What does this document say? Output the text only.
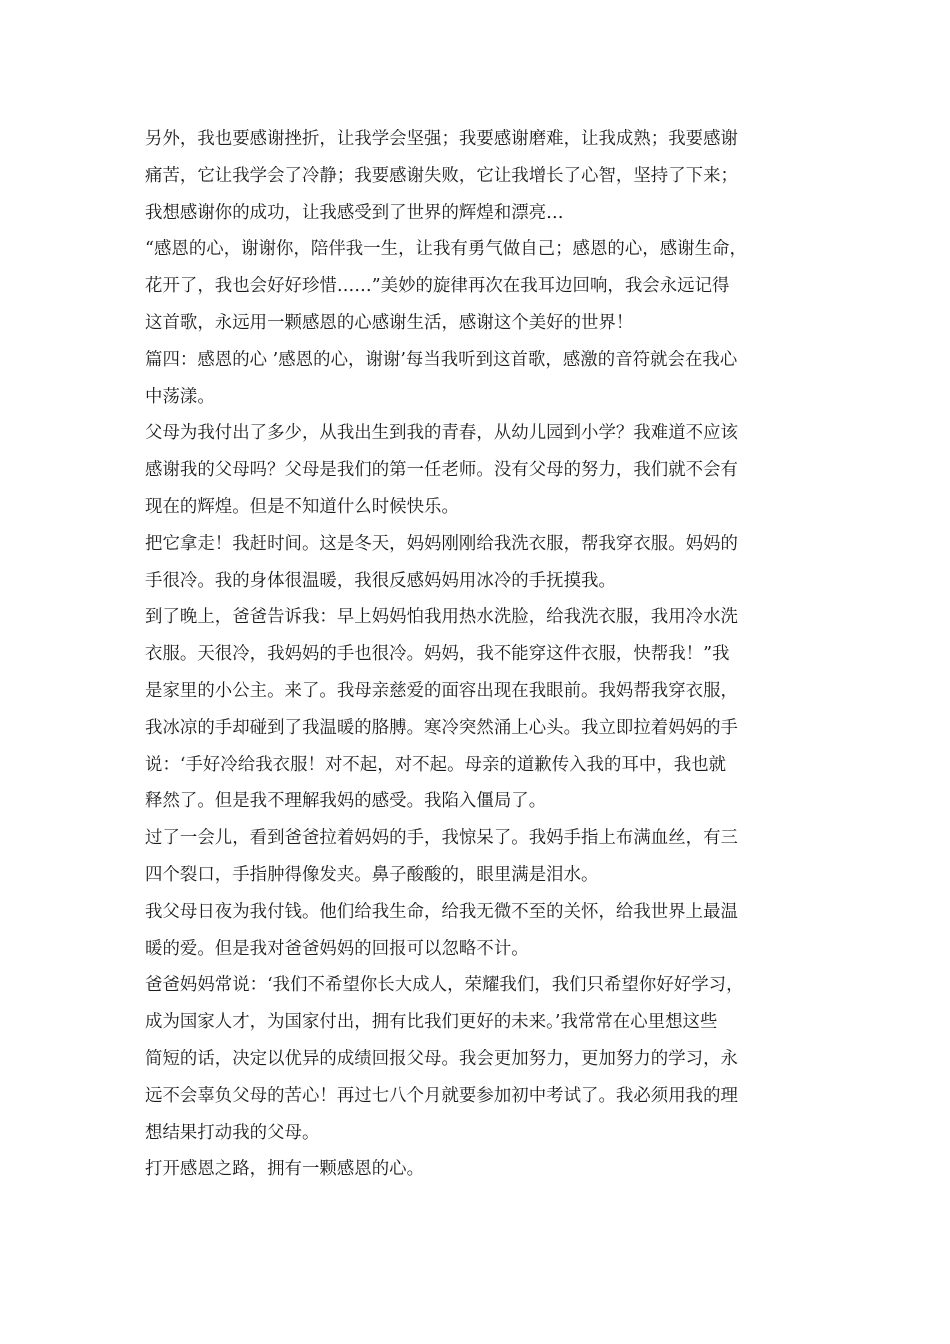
另外，我也要感谢挫折，让我学会坚强；我要感谢磨难，让我成熟；我要感谢
痛苦，它让我学会了冷静；我要感谢失败，它让我增长了心智，坚持了下来；
我想感谢你的成功，让我感受到了世界的辉煌和漂亮…
“感恩的心，谢谢你，陪伴我一生，让我有勇气做自己；感恩的心，感谢生命，
花开了，我也会好好珍惜……”美妙的旋律再次在我耳边回响，我会永远记得
这首歌，永远用一颗感恩的心感谢生活，感谢这个美好的世界！
篇四：感恩的心 ’感恩的心，谢谢’每当我听到这首歌，感激的音符就会在我心
中荡漾。
父母为我付出了多少，从我出生到我的青春，从幼儿园到小学？我难道不应该
感谢我的父母吗？父母是我们的第一任老师。没有父母的努力，我们就不会有
现在的辉煌。但是不知道什么时候快乐。
把它拿走！我赶时间。这是冬天，妈妈刚刚给我洗衣服，帮我穿衣服。妈妈的
手很冷。我的身体很温暖，我很反感妈妈用冰冷的手抚摸我。
到了晚上，爸爸告诉我：早上妈妈怕我用热水洗脸，给我洗衣服，我用冷水洗
衣服。天很冷，我妈妈的手也很冷。妈妈，我不能穿这件衣服，快帮我！”我
是家里的小公主。来了。我母亲慈爱的面容出现在我眼前。我妈帮我穿衣服，
我冰凉的手却碰到了我温暖的胳膊。寒冷突然涌上心头。我立即拉着妈妈的手
说：‘手好冷给我衣服！对不起，对不起。母亲的道歉传入我的耳中，我也就
释然了。但是我不理解我妈的感受。我陷入僵局了。
过了一会儿，看到爸爸拉着妈妈的手，我惊呆了。我妈手指上布满血丝，有三
四个裂口，手指肿得像发夹。鼻子酸酸的，眼里满是泪水。
我父母日夜为我付钱。他们给我生命，给我无微不至的关怀，给我世界上最温
暖的爱。但是我对爸爸妈妈的回报可以忽略不计。
爸爸妈妈常说：‘我们不希望你长大成人，荣耀我们，我们只希望你好好学习，
成为国家人才，为国家付出，拥有比我们更好的未来。’我常常在心里想这些
简短的话，决定以优异的成绩回报父母。我会更加努力，更加努力的学习，永
远不会辜负父母的苦心！再过七八个月就要参加初中考试了。我必须用我的理
想结果打动我的父母。
打开感恩之路，拥有一颗感恩的心。
